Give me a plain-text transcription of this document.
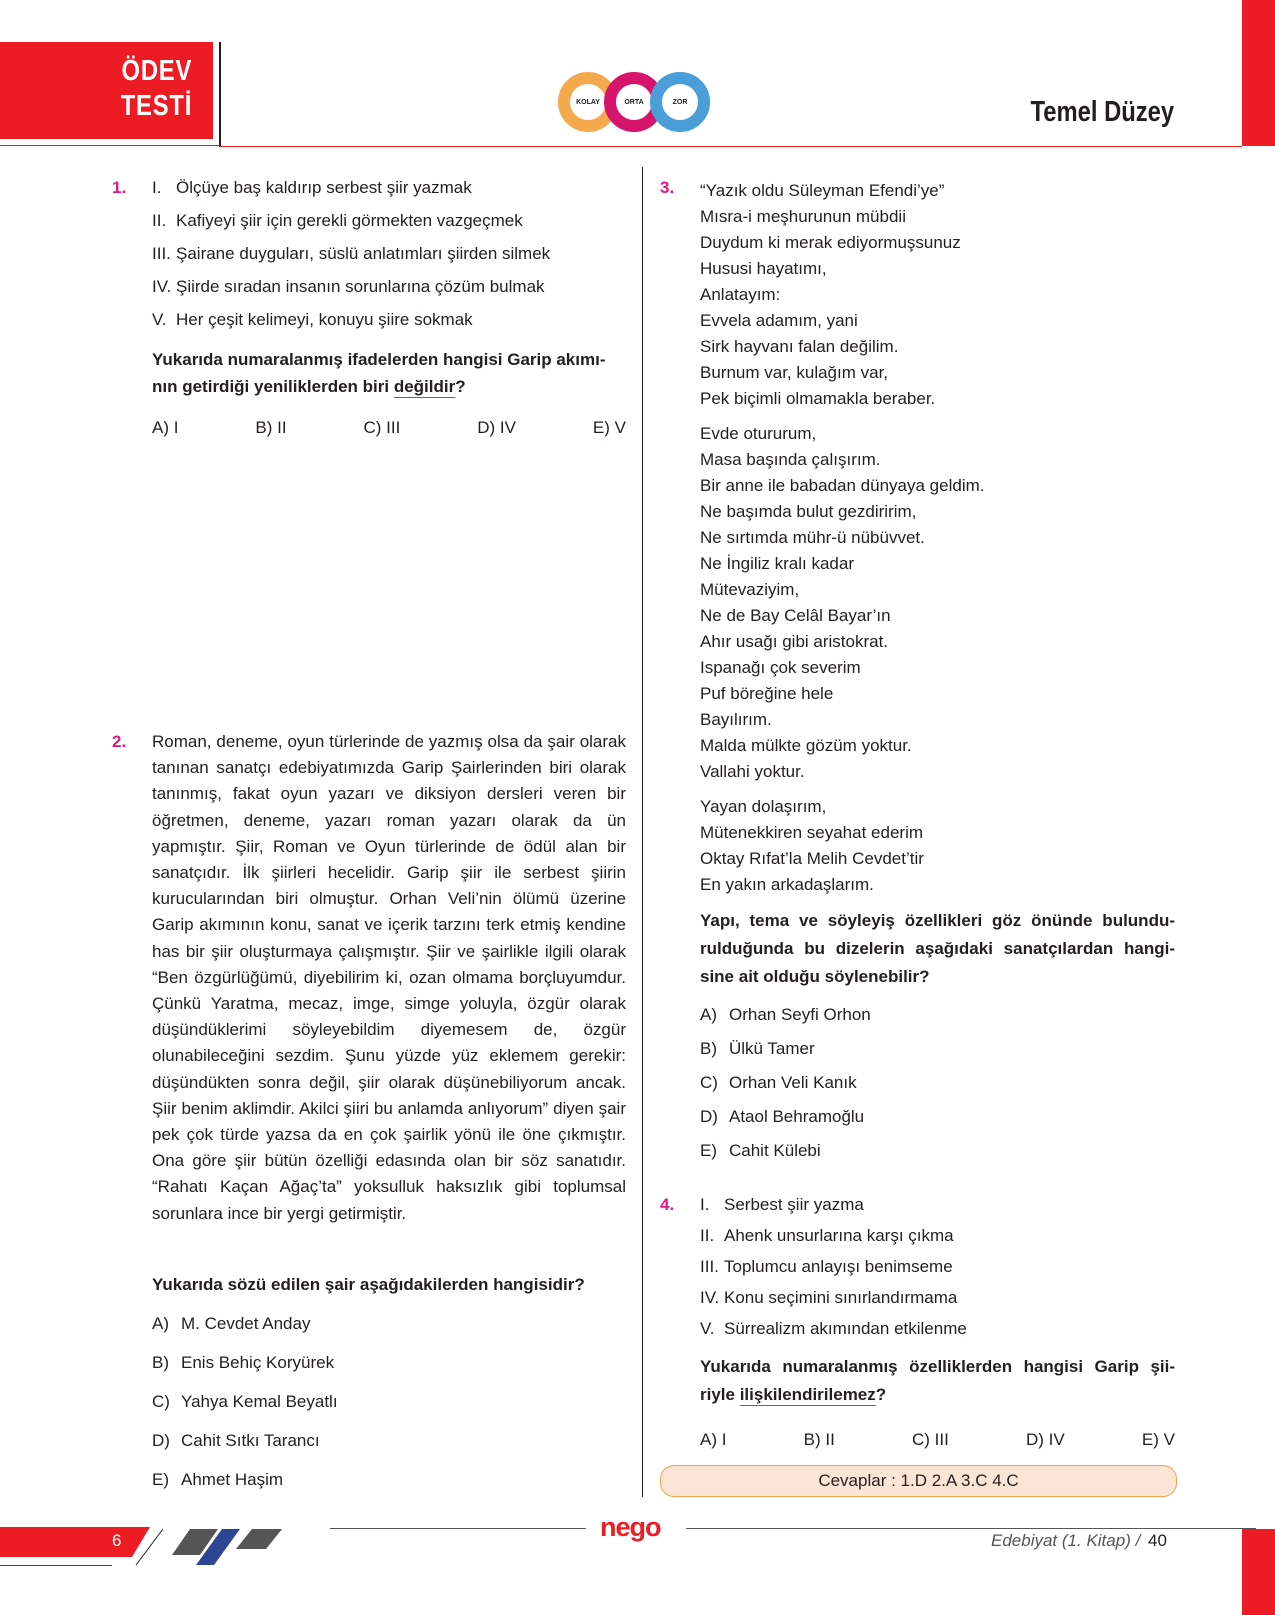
ÖDEV
TESTİ	KOLAY	ORTA	ZOR	Temel Düzey
1. I. Ölçüye baş kaldırıp serbest şiir yazmak
II. Kafiyeyi şiir için gerekli görmekten vazgeçmek
III. Şairane duyguları, süslü anlatımları şiirden silmek
IV. Şiirde sıradan insanın sorunlarına çözüm bulmak
V. Her çeşit kelimeyi, konuyu şiire sokmak
Yukarıda numaralanmış ifadelerden hangisi Garip akımı-
nın getirdiği yeniliklerden biri değildir?
A) I	B) II	C) III	D) IV	E) V
2. Roman, deneme, oyun türlerinde de yazmış olsa da şair olarak tanınan sanatçı edebiyatımızda Garip Şairlerinden biri olarak tanınmış, fakat oyun yazarı ve diksiyon dersleri veren bir öğretmen, deneme, yazarı roman yazarı olarak da ün yapmıştır. Şiir, Roman ve Oyun türlerinde de ödül alan bir sanatçıdır. İlk şiirleri hecelidir. Garip şiir ile serbest şiirin kurucularından biri olmuştur. Orhan Veli’nin ölümü üzerine Garip akımının konu, sanat ve içerik tarzını terk etmiş kendine has bir şiir oluşturmaya çalışmıştır. Şiir ve şairlikle ilgili olarak “Ben özgürlüğümü, diyebilirim ki, ozan olmama borçluyumdur. Çünkü Yaratma, mecaz, imge, simge yoluyla, özgür olarak düşündüklerimi söyleyebildim diyemesem de, özgür olunabileceğini sezdim. Şunu yüzde yüz eklemem gerekir: düşündükten sonra değil, şiir olarak düşünebiliyorum ancak. Şiir benim aklimdir. Akilci şiiri bu anlamda anlıyorum” diyen şair pek çok türde yazsa da en çok şairlik yönü ile öne çıkmıştır. Ona göre şiir bütün özelliği edasında olan bir söz sanatıdır. “Rahatı Kaçan Ağaç’ta” yoksulluk haksızlık gibi toplumsal sorunlara ince bir yergi getirmiştir.
Yukarıda sözü edilen şair aşağıdakilerden hangisidir?
A) M. Cevdet Anday
B) Enis Behiç Koryürek
C) Yahya Kemal Beyatlı
D) Cahit Sıtkı Tarancı
E) Ahmet Haşim
3. “Yazık oldu Süleyman Efendi’ye”
Mısra-i meşhurunun mübdii
Duydum ki merak ediyormuşsunuz
Hususi hayatımı,
Anlatayım:
Evvela adamım, yani
Sirk hayvanı falan değilim.
Burnum var, kulağım var,
Pek biçimli olmamakla beraber.
Evde otururum,
Masa başında çalışırım.
Bir anne ile babadan dünyaya geldim.
Ne başımda bulut gezdiririm,
Ne sırtımda mühr-ü nübüvvet.
Ne İngiliz kralı kadar
Mütevaziyim,
Ne de Bay Celâl Bayar’ın
Ahır usağı gibi aristokrat.
Ispanağı çok severim
Puf böreğine hele
Bayılırım.
Malda mülkte gözüm yoktur.
Vallahi yoktur.
Yayan dolaşırım,
Mütenekkiren seyahat ederim
Oktay Rıfat’la Melih Cevdet’tir
En yakın arkadaşlarım.
Yapı, tema ve söyleyiş özellikleri göz önünde bulundu-
rulduğunda bu dizelerin aşağıdaki sanatçılardan hangi-
sine ait olduğu söylenebilir?
A) Orhan Seyfi Orhon
B) Ülkü Tamer
C) Orhan Veli Kanık
D) Ataol Behramoğlu
E) Cahit Külebi
4. I. Serbest şiir yazma
II. Ahenk unsurlarına karşı çıkma
III. Toplumcu anlayışı benimseme
IV. Konu seçimini sınırlandırmama
V. Sürrealizm akımından etkilenme
Yukarıda numaralanmış özelliklerden hangisi Garip şii-
riyle ilişkilendirilemez?
A) I	B) II	C) III	D) IV	E) V
Cevaplar : 1.D 2.A 3.C 4.C
6	nego	Edebiyat (1. Kitap) / 40
